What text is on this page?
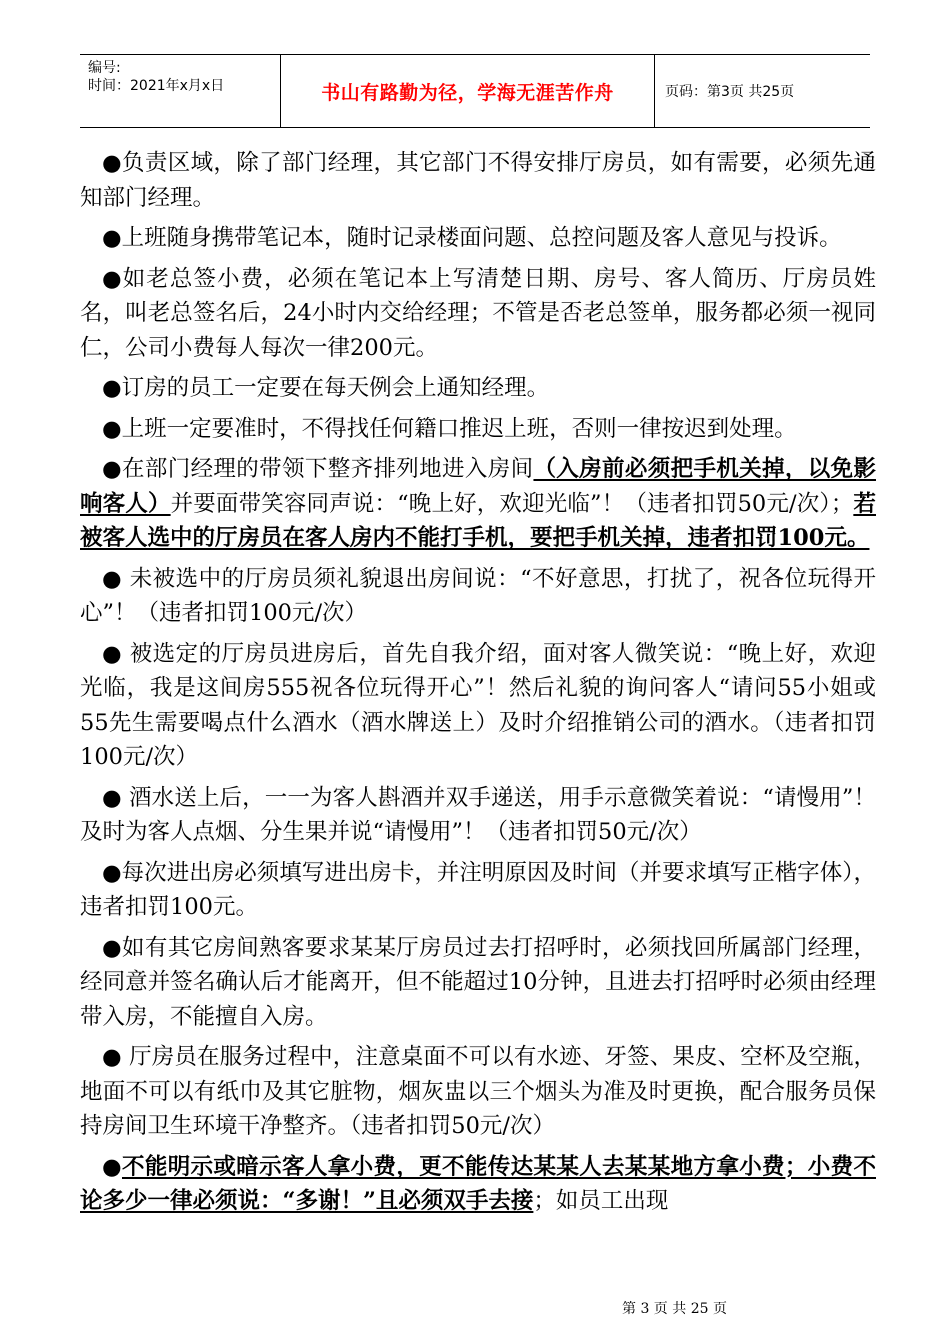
编号:
时间：2021年x月x日	书山有路勤为径，学海无涯苦作舟	页码：第3页 共25页

●负责区域，除了部门经理，其它部门不得安排厅房员，如有需要，必须先通知部门经理。

●上班随身携带笔记本，随时记录楼面问题、总控问题及客人意见与投诉。

●如老总签小费，必须在笔记本上写清楚日期、房号、客人简历、厅房员姓名，叫老总签名后，24小时内交给经理；不管是否老总签单，服务都必须一视同仁，公司小费每人每次一律200元。

●订房的员工一定要在每天例会上通知经理。

●上班一定要准时，不得找任何籍口推迟上班，否则一律按迟到处理。

●在部门经理的带领下整齐排列地进入房间（入房前必须把手机关掉，以免影响客人）并要面带笑容同声说：“晚上好，欢迎光临”！（违者扣罚50元/次）；若被客人选中的厅房员在客人房内不能打手机，要把手机关掉，违者扣罚100元。

● 未被选中的厅房员须礼貌退出房间说：“不好意思，打扰了，祝各位玩得开心”！（违者扣罚100元/次）

● 被选定的厅房员进房后，首先自我介绍，面对客人微笑说：“晚上好，欢迎光临，我是这间房555祝各位玩得开心”！然后礼貌的询问客人“请问55小姐或55先生需要喝点什么酒水（酒水牌送上）及时介绍推销公司的酒水。（违者扣罚100元/次）

● 酒水送上后，一一为客人斟酒并双手递送，用手示意微笑着说：“请慢用”！及时为客人点烟、分生果并说“请慢用”！（违者扣罚50元/次）

●每次进出房必须填写进出房卡，并注明原因及时间（并要求填写正楷字体），违者扣罚100元。

●如有其它房间熟客要求某某厅房员过去打招呼时，必须找回所属部门经理，经同意并签名确认后才能离开，但不能超过10分钟，且进去打招呼时必须由经理带入房，不能擅自入房。

● 厅房员在服务过程中，注意桌面不可以有水迹、牙签、果皮、空杯及空瓶，地面不可以有纸巾及其它脏物，烟灰盅以三个烟头为准及时更换，配合服务员保持房间卫生环境干净整齐。（违者扣罚50元/次）

●不能明示或暗示客人拿小费，更不能传达某某人去某某地方拿小费；小费不论多少一律必须说：“多谢！”且必须双手去接；如员工出现

第 3 页 共 25 页
